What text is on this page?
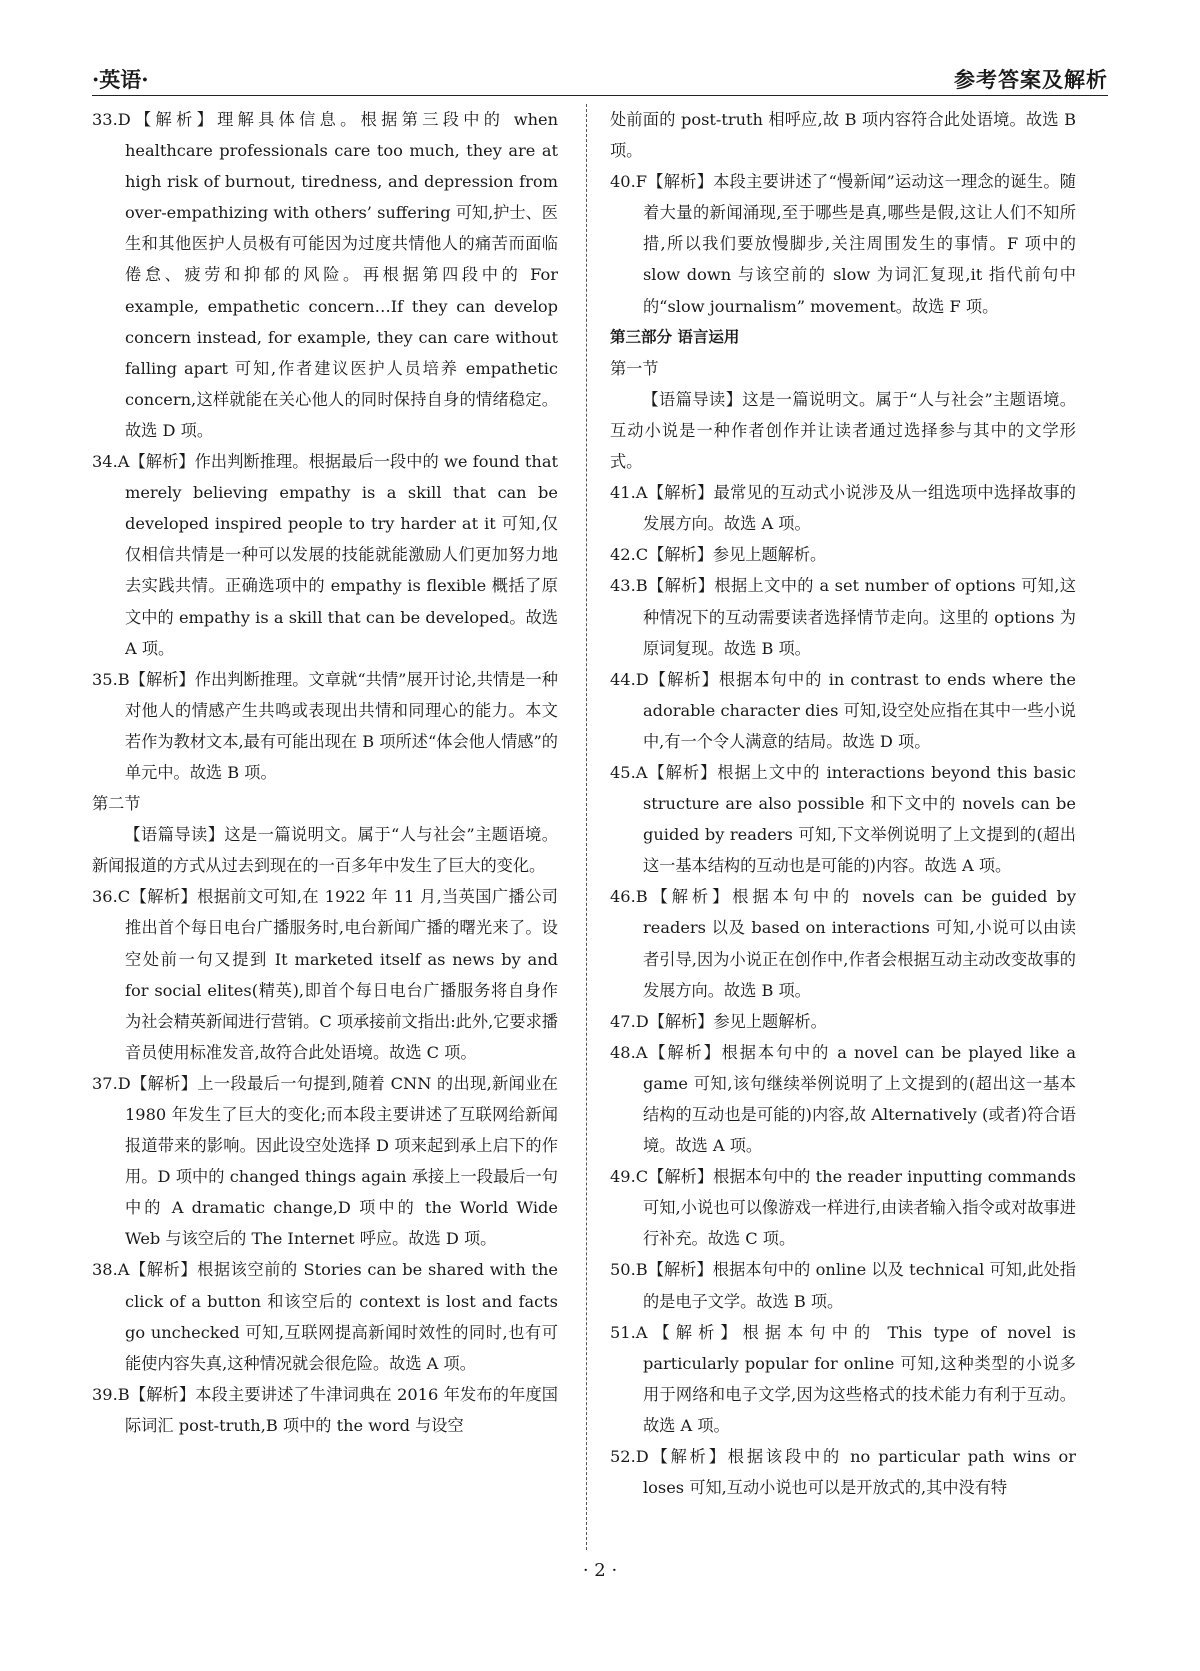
·英语·	参考答案及解析
33.D【解析】理解具体信息。根据第三段中的 when healthcare professionals care too much, they are at high risk of burnout, tiredness, and depression from over-empathizing with others’ suffering 可知,护士、医生和其他医护人员极有可能因为过度共情他人的痛苦而面临倦怠、疲劳和抑郁的风险。再根据第四段中的 For example, empathetic concern…If they can develop concern instead, for example, they can care without falling apart 可知,作者建议医护人员培养 empathetic concern,这样就能在关心他人的同时保持自身的情绪稳定。故选 D 项。
34.A【解析】作出判断推理。根据最后一段中的 we found that merely believing empathy is a skill that can be developed inspired people to try harder at it 可知,仅仅相信共情是一种可以发展的技能就能激励人们更加努力地去实践共情。正确选项中的 empathy is flexible 概括了原文中的 empathy is a skill that can be developed。故选 A 项。
35.B【解析】作出判断推理。文章就“共情”展开讨论,共情是一种对他人的情感产生共鸣或表现出共情和同理心的能力。本文若作为教材文本,最有可能出现在 B 项所述“体会他人情感”的单元中。故选 B 项。
第二节
【语篇导读】这是一篇说明文。属于“人与社会”主题语境。新闻报道的方式从过去到现在的一百多年中发生了巨大的变化。
36.C【解析】根据前文可知,在 1922 年 11 月,当英国广播公司推出首个每日电台广播服务时,电台新闻广播的曙光来了。设空处前一句又提到 It marketed itself as news by and for social elites(精英),即首个每日电台广播服务将自身作为社会精英新闻进行营销。C 项承接前文指出:此外,它要求播音员使用标准发音,故符合此处语境。故选 C 项。
37.D【解析】上一段最后一句提到,随着 CNN 的出现,新闻业在 1980 年发生了巨大的变化;而本段主要讲述了互联网给新闻报道带来的影响。因此设空处选择 D 项来起到承上启下的作用。D 项中的 changed things again 承接上一段最后一句中的 A dramatic change,D 项中的 the World Wide Web 与该空后的 The Internet 呼应。故选 D 项。
38.A【解析】根据该空前的 Stories can be shared with the click of a button 和该空后的 context is lost and facts go unchecked 可知,互联网提高新闻时效性的同时,也有可能使内容失真,这种情况就会很危险。故选 A 项。
39.B【解析】本段主要讲述了牛津词典在 2016 年发布的年度国际词汇 post-truth,B 项中的 the word 与设空
处前面的 post-truth 相呼应,故 B 项内容符合此处语境。故选 B 项。
40.F【解析】本段主要讲述了“慢新闻”运动这一理念的诞生。随着大量的新闻涌现,至于哪些是真,哪些是假,这让人们不知所措,所以我们要放慢脚步,关注周围发生的事情。F 项中的 slow down 与该空前的 slow 为词汇复现,it 指代前句中的“slow journalism” movement。故选 F 项。
第三部分 语言运用
第一节
【语篇导读】这是一篇说明文。属于“人与社会”主题语境。互动小说是一种作者创作并让读者通过选择参与其中的文学形式。
41.A【解析】最常见的互动式小说涉及从一组选项中选择故事的发展方向。故选 A 项。
42.C【解析】参见上题解析。
43.B【解析】根据上文中的 a set number of options 可知,这种情况下的互动需要读者选择情节走向。这里的 options 为原词复现。故选 B 项。
44.D【解析】根据本句中的 in contrast to ends where the adorable character dies 可知,设空处应指在其中一些小说中,有一个令人满意的结局。故选 D 项。
45.A【解析】根据上文中的 interactions beyond this basic structure are also possible 和下文中的 novels can be guided by readers 可知,下文举例说明了上文提到的(超出这一基本结构的互动也是可能的)内容。故选 A 项。
46.B【解析】根据本句中的 novels can be guided by readers 以及 based on interactions 可知,小说可以由读者引导,因为小说正在创作中,作者会根据互动主动改变故事的发展方向。故选 B 项。
47.D【解析】参见上题解析。
48.A【解析】根据本句中的 a novel can be played like a game 可知,该句继续举例说明了上文提到的(超出这一基本结构的互动也是可能的)内容,故 Alternatively (或者)符合语境。故选 A 项。
49.C【解析】根据本句中的 the reader inputting commands 可知,小说也可以像游戏一样进行,由读者输入指令或对故事进行补充。故选 C 项。
50.B【解析】根据本句中的 online 以及 technical 可知,此处指的是电子文学。故选 B 项。
51.A【解析】根据本句中的 This type of novel is particularly popular for online 可知,这种类型的小说多用于网络和电子文学,因为这些格式的技术能力有利于互动。故选 A 项。
52.D【解析】根据该段中的 no particular path wins or loses 可知,互动小说也可以是开放式的,其中没有特
· 2 ·
